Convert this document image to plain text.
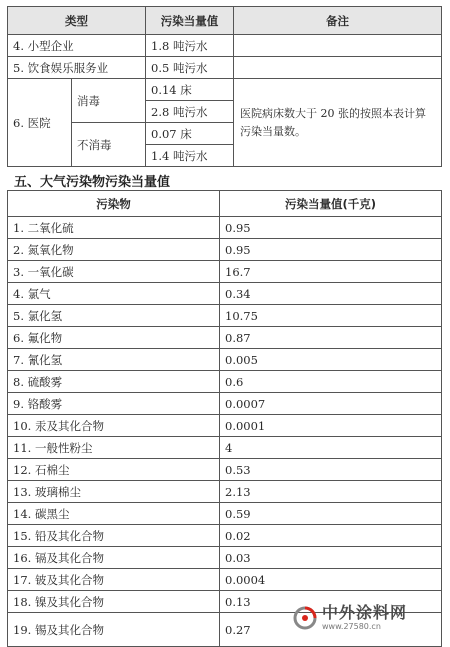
类型		污染当量值	备注
4. 小型企业		1.8 吨污水	
5. 饮食娱乐服务业		0.5 吨污水	
6. 医院	消毒	0.14 床	医院病床数大于 20 张的按照本表计算污染当量数。
		2.8 吨污水	
	不消毒	0.07 床	
		1.4 吨污水	
五、大气污染物污染当量值
污染物	污染当量值(千克)
1. 二氧化硫	0.95
2. 氮氧化物	0.95
3. 一氧化碳	16.7
4. 氯气	0.34
5. 氯化氢	10.75
6. 氟化物	0.87
7. 氰化氢	0.005
8. 硫酸雾	0.6
9. 铬酸雾	0.0007
10. 汞及其化合物	0.0001
11. 一般性粉尘	4
12. 石棉尘	0.53
13. 玻璃棉尘	2.13
14. 碳黑尘	0.59
15. 铅及其化合物	0.02
16. 镉及其化合物	0.03
17. 铍及其化合物	0.0004
18. 镍及其化合物	0.13
19. 锡及其化合物	0.27
中外涂料网
www.27580.cn
